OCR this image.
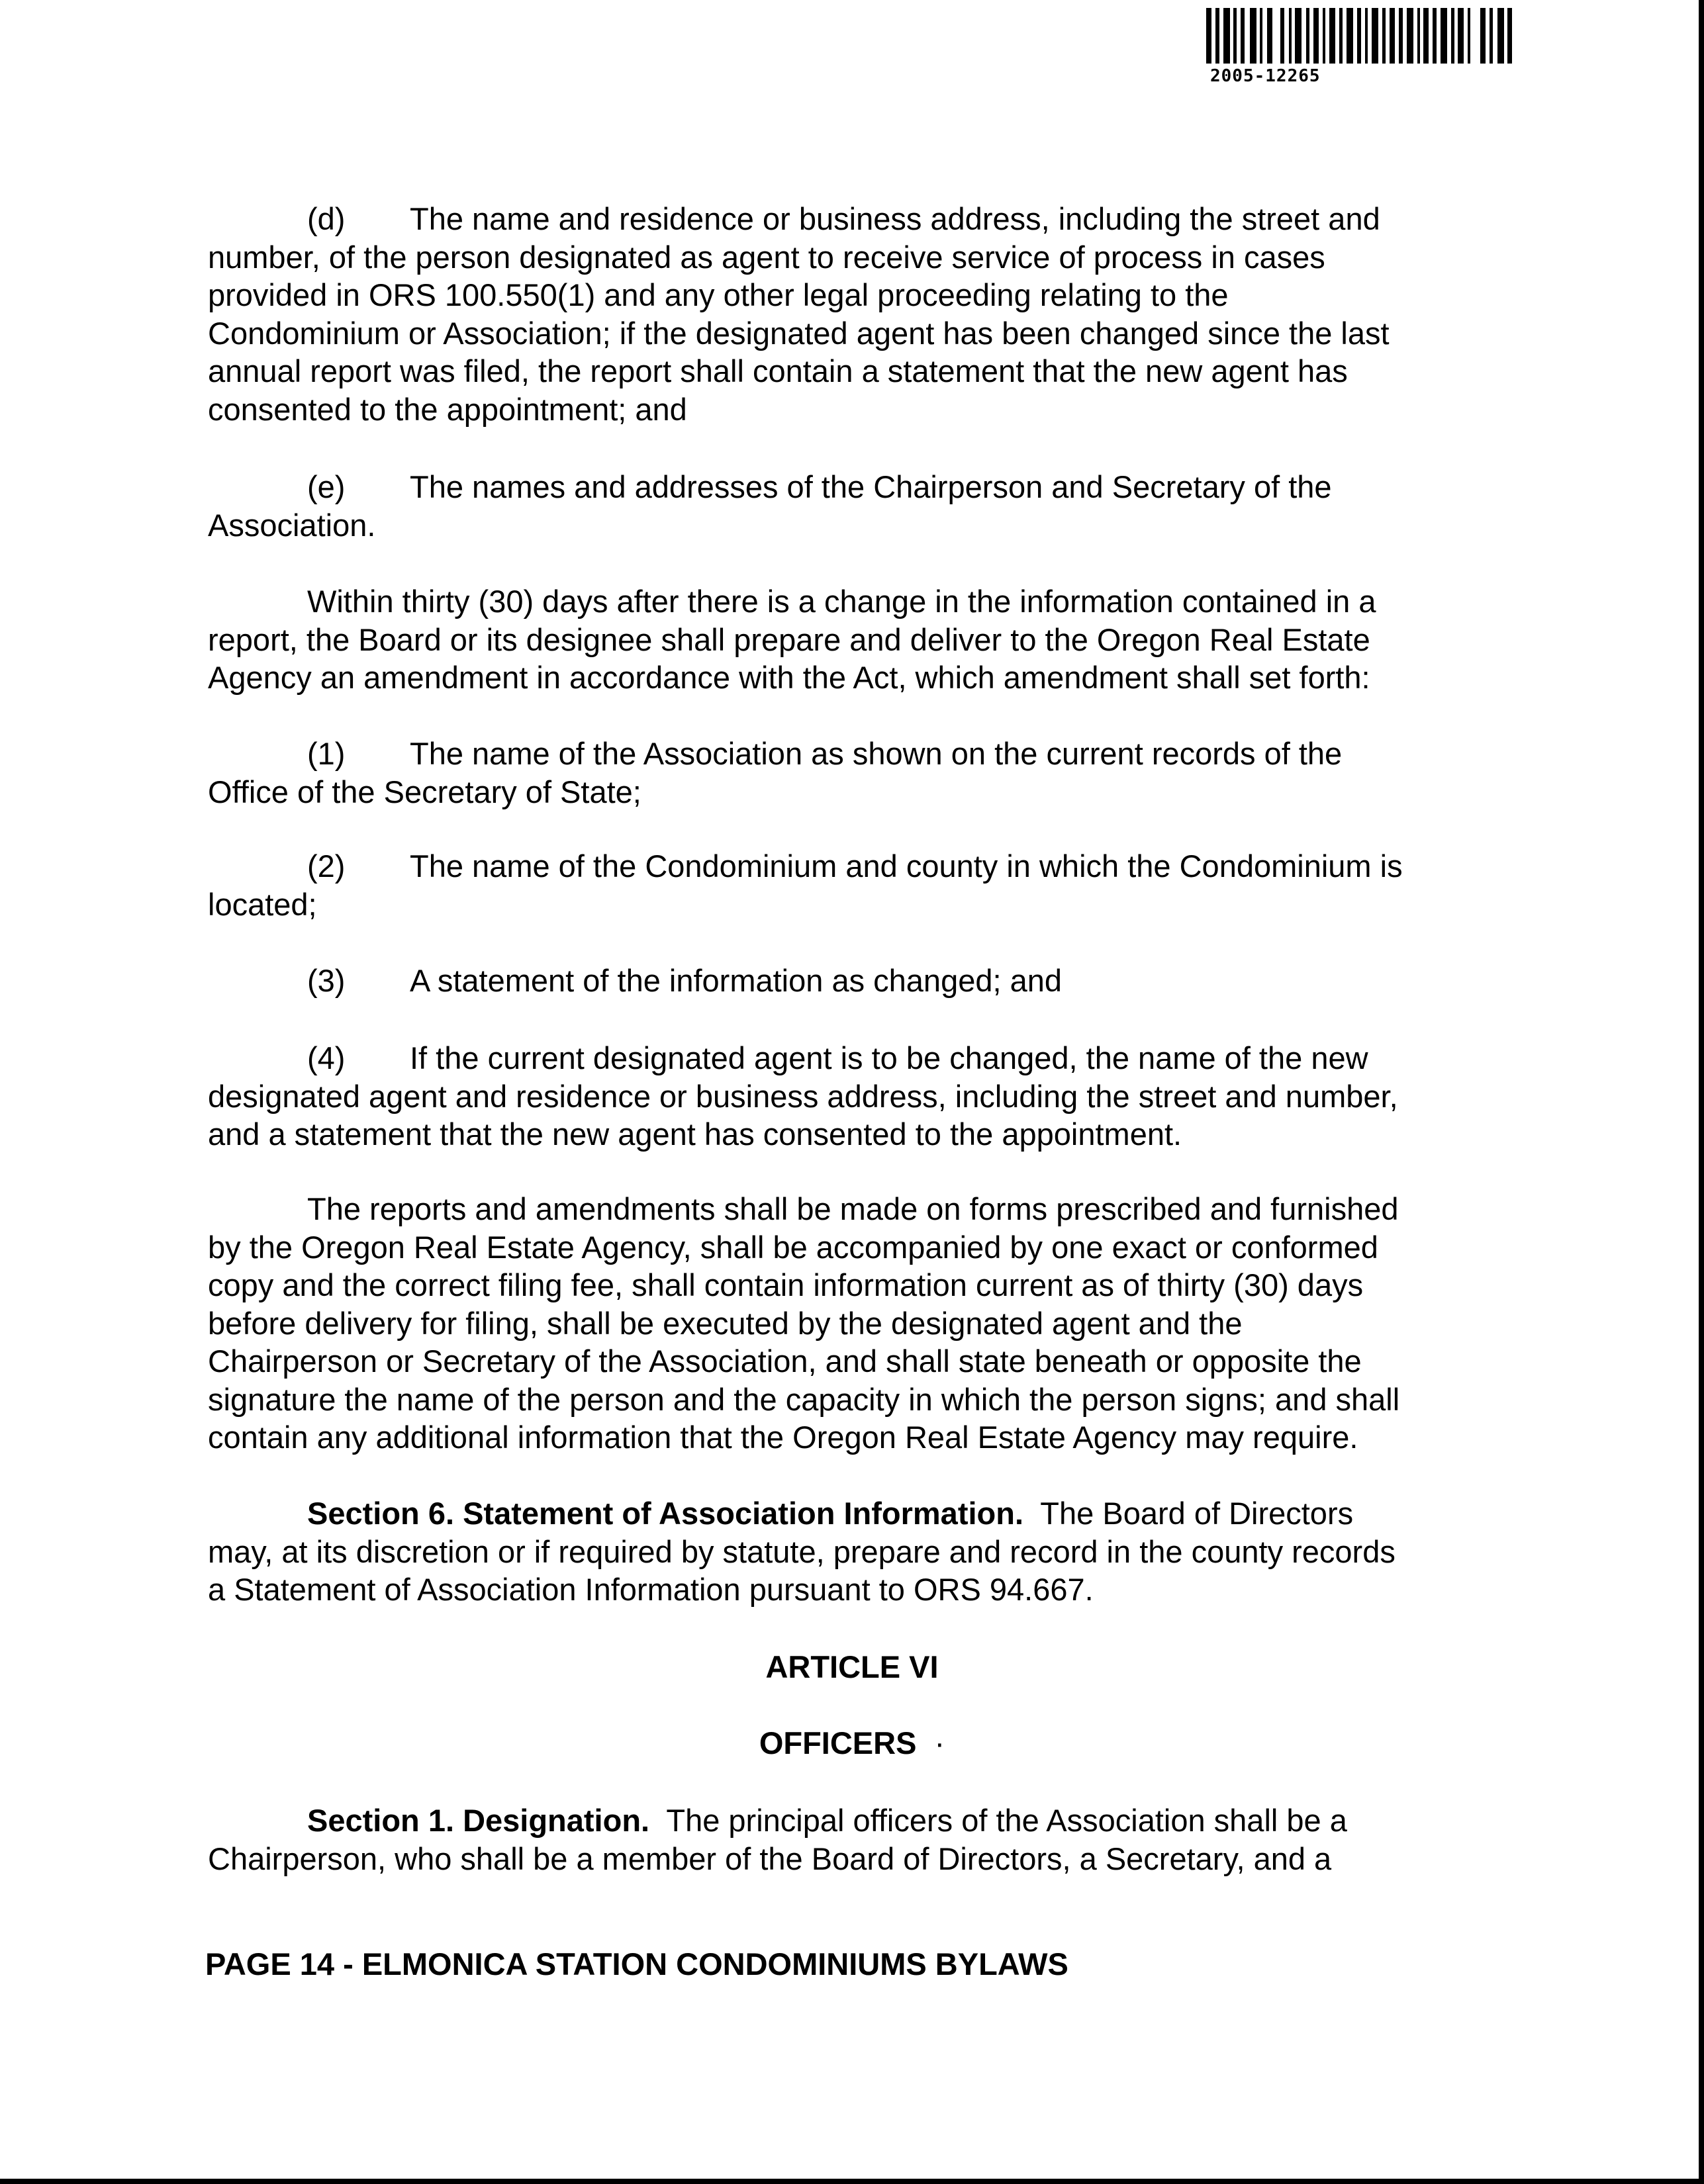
2005-12265

(d) The name and residence or business address, including the street and

number, of the person designated as agent to receive service of process in cases

provided in ORS 100.550(1) and any other legal proceeding relating to the

Condominium or Association; if the designated agent has been changed since the last

annual report was filed, the report shall contain a statement that the new agent has

consented to the appointment; and

(e) The names and addresses of the Chairperson and Secretary of the

Association.

Within thirty (30) days after there is a change in the information contained in a

report, the Board or its designee shall prepare and deliver to the Oregon Real Estate

Agency an amendment in accordance with the Act, which amendment shall set forth:

(1) The name of the Association as shown on the current records of the

Office of the Secretary of State;

(2) The name of the Condominium and county in which the Condominium is

located;

(3) A statement of the information as changed; and

(4) If the current designated agent is to be changed, the name of the new

designated agent and residence or business address, including the street and number,

and a statement that the new agent has consented to the appointment.

The reports and amendments shall be made on forms prescribed and furnished

by the Oregon Real Estate Agency, shall be accompanied by one exact or conformed

copy and the correct filing fee, shall contain information current as of thirty (30) days

before delivery for filing, shall be executed by the designated agent and the

Chairperson or Secretary of the Association, and shall state beneath or opposite the

signature the name of the person and the capacity in which the person signs; and shall

contain any additional information that the Oregon Real Estate Agency may require.

Section 6. Statement of Association Information. The Board of Directors

may, at its discretion or if required by statute, prepare and record in the county records

a Statement of Association Information pursuant to ORS 94.667.

ARTICLE VI
OFFICERS ·

Section 1. Designation. The principal officers of the Association shall be a

Chairperson, who shall be a member of the Board of Directors, a Secretary, and a

PAGE 14 - ELMONICA STATION CONDOMINIUMS BYLAWS
